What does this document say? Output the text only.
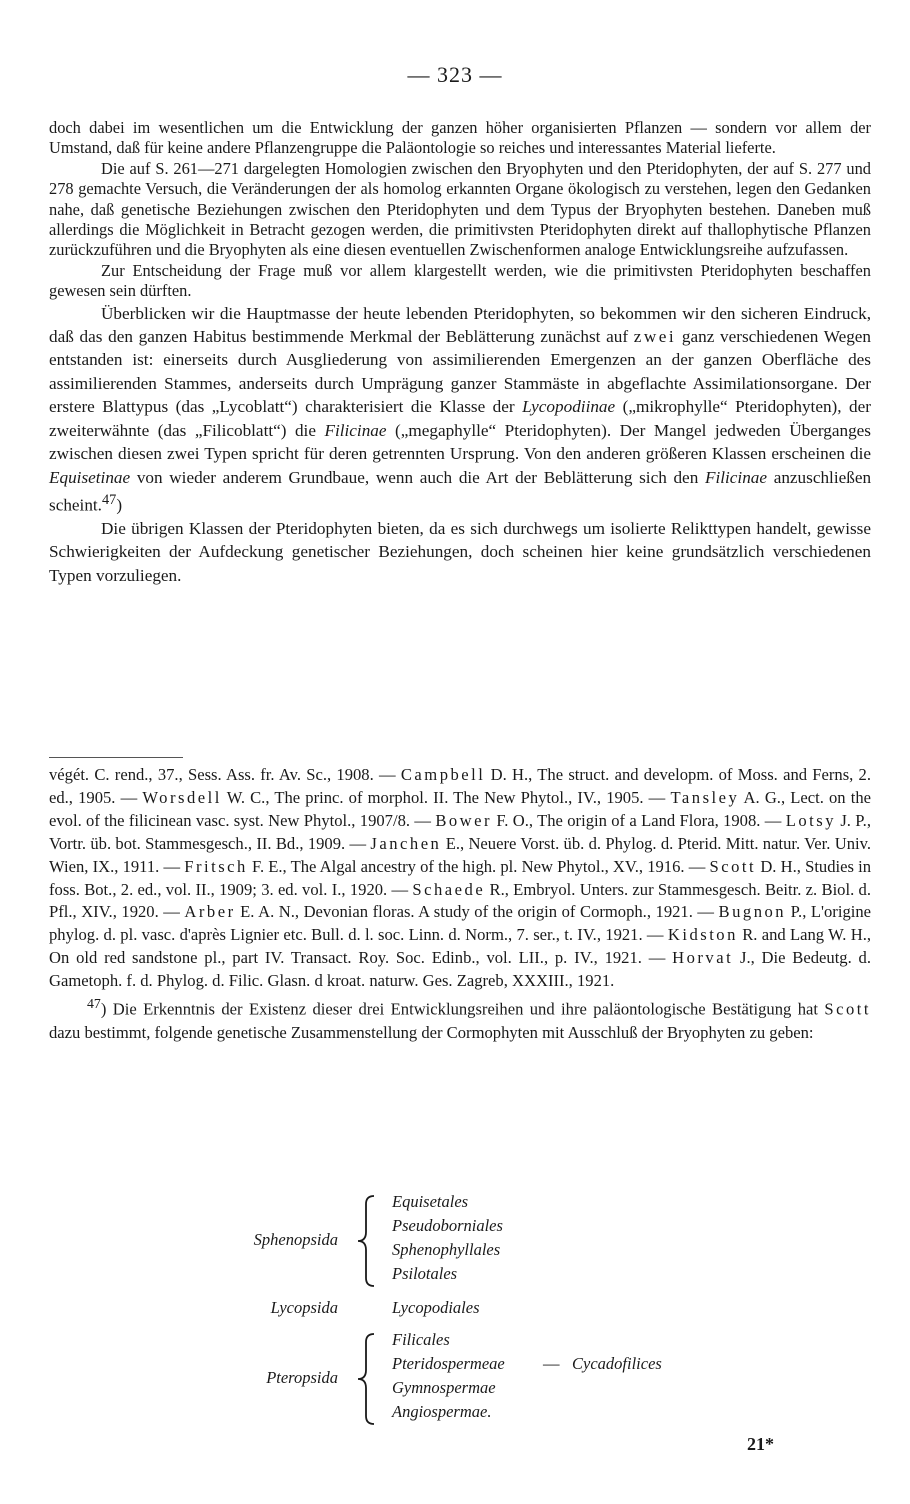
— 323 —

doch dabei im wesentlichen um die Entwicklung der ganzen höher organisierten Pflanzen — sondern vor allem der Umstand, daß für keine andere Pflanzengruppe die Paläontologie so reiches und interessantes Material lieferte.

Die auf S. 261—271 dargelegten Homologien zwischen den Bryophyten und den Pteridophyten, der auf S. 277 und 278 gemachte Versuch, die Veränderungen der als homolog erkannten Organe ökologisch zu verstehen, legen den Gedanken nahe, daß genetische Beziehungen zwischen den Pteridophyten und dem Typus der Bryophyten bestehen. Daneben muß allerdings die Möglichkeit in Betracht gezogen werden, die primitivsten Pteridophyten direkt auf thallophytische Pflanzen zurückzuführen und die Bryophyten als eine diesen eventuellen Zwischenformen analoge Entwicklungsreihe aufzufassen.

Zur Entscheidung der Frage muß vor allem klargestellt werden, wie die primitivsten Pteridophyten beschaffen gewesen sein dürften.

Überblicken wir die Hauptmasse der heute lebenden Pteridophyten, so bekommen wir den sicheren Eindruck, daß das den ganzen Habitus bestimmende Merkmal der Beblätterung zunächst auf zwei ganz verschiedenen Wegen entstanden ist: einerseits durch Ausgliederung von assimilierenden Emergenzen an der ganzen Oberfläche des assimilierenden Stammes, anderseits durch Umprägung ganzer Stammäste in abgeflachte Assimilationsorgane. Der erstere Blattypus (das „Lycoblatt“) charakterisiert die Klasse der Lycopodiinae („mikrophylle“ Pteridophyten), der zweiterwähnte (das „Filicoblatt“) die Filicinae („megaphylle“ Pteridophyten). Der Mangel jedweden Überganges zwischen diesen zwei Typen spricht für deren getrennten Ursprung. Von den anderen größeren Klassen erscheinen die Equisetinae von wieder anderem Grundbaue, wenn auch die Art der Beblätterung sich den Filicinae anzuschließen scheint.$^{47}$)

Die übrigen Klassen der Pteridophyten bieten, da es sich durchwegs um isolierte Relikttypen handelt, gewisse Schwierigkeiten der Aufdeckung genetischer Beziehungen, doch scheinen hier keine grundsätzlich verschiedenen Typen vorzuliegen.

végét. C. rend., 37., Sess. Ass. fr. Av. Sc., 1908. — Campbell D. H., The struct. and developm. of Moss. and Ferns, 2. ed., 1905. — Worsdell W. C., The princ. of morphol. II. The New Phytol., IV., 1905. — Tansley A. G., Lect. on the evol. of the filicinean vasc. syst. New Phytol., 1907/8. — Bower F. O., The origin of a Land Flora, 1908. — Lotsy J. P., Vortr. üb. bot. Stammesgesch., II. Bd., 1909. — Janchen E., Neuere Vorst. üb. d. Phylog. d. Pterid. Mitt. natur. Ver. Univ. Wien, IX., 1911. — Fritsch F. E., The Algal ancestry of the high. pl. New Phytol., XV., 1916. — Scott D. H., Studies in foss. Bot., 2. ed., vol. II., 1909; 3. ed. vol. I., 1920. — Schaede R., Embryol. Unters. zur Stammesgesch. Beitr. z. Biol. d. Pfl., XIV., 1920. — Arber E. A. N., Devonian floras. A study of the origin of Cormoph., 1921. — Bugnon P., L'origine phylog. d. pl. vasc. d'après Lignier etc. Bull. d. l. soc. Linn. d. Norm., 7. ser., t. IV., 1921. — Kidston R. and Lang W. H., On old red sandstone pl., part IV. Transact. Roy. Soc. Edinb., vol. LII., p. IV., 1921. — Horvat J., Die Bedeutg. d. Gametoph. f. d. Phylog. d. Filic. Glasn. d kroat. naturw. Ges. Zagreb, XXXIII., 1921.

$^{47}$) Die Erkenntnis der Existenz dieser drei Entwicklungsreihen und ihre paläontologische Bestätigung hat Scott dazu bestimmt, folgende genetische Zusammenstellung der Cormophyten mit Ausschluß der Bryophyten zu geben:

Sphenopsida
Equisetales
Pseudoborniales
Sphenophyllales
Psilotales
Lycopsida	Lycopodiales
Pteropsida
Filicales
Pteridospermeae — Cycadofilices
Gymnospermae
Angiospermae.
21*
